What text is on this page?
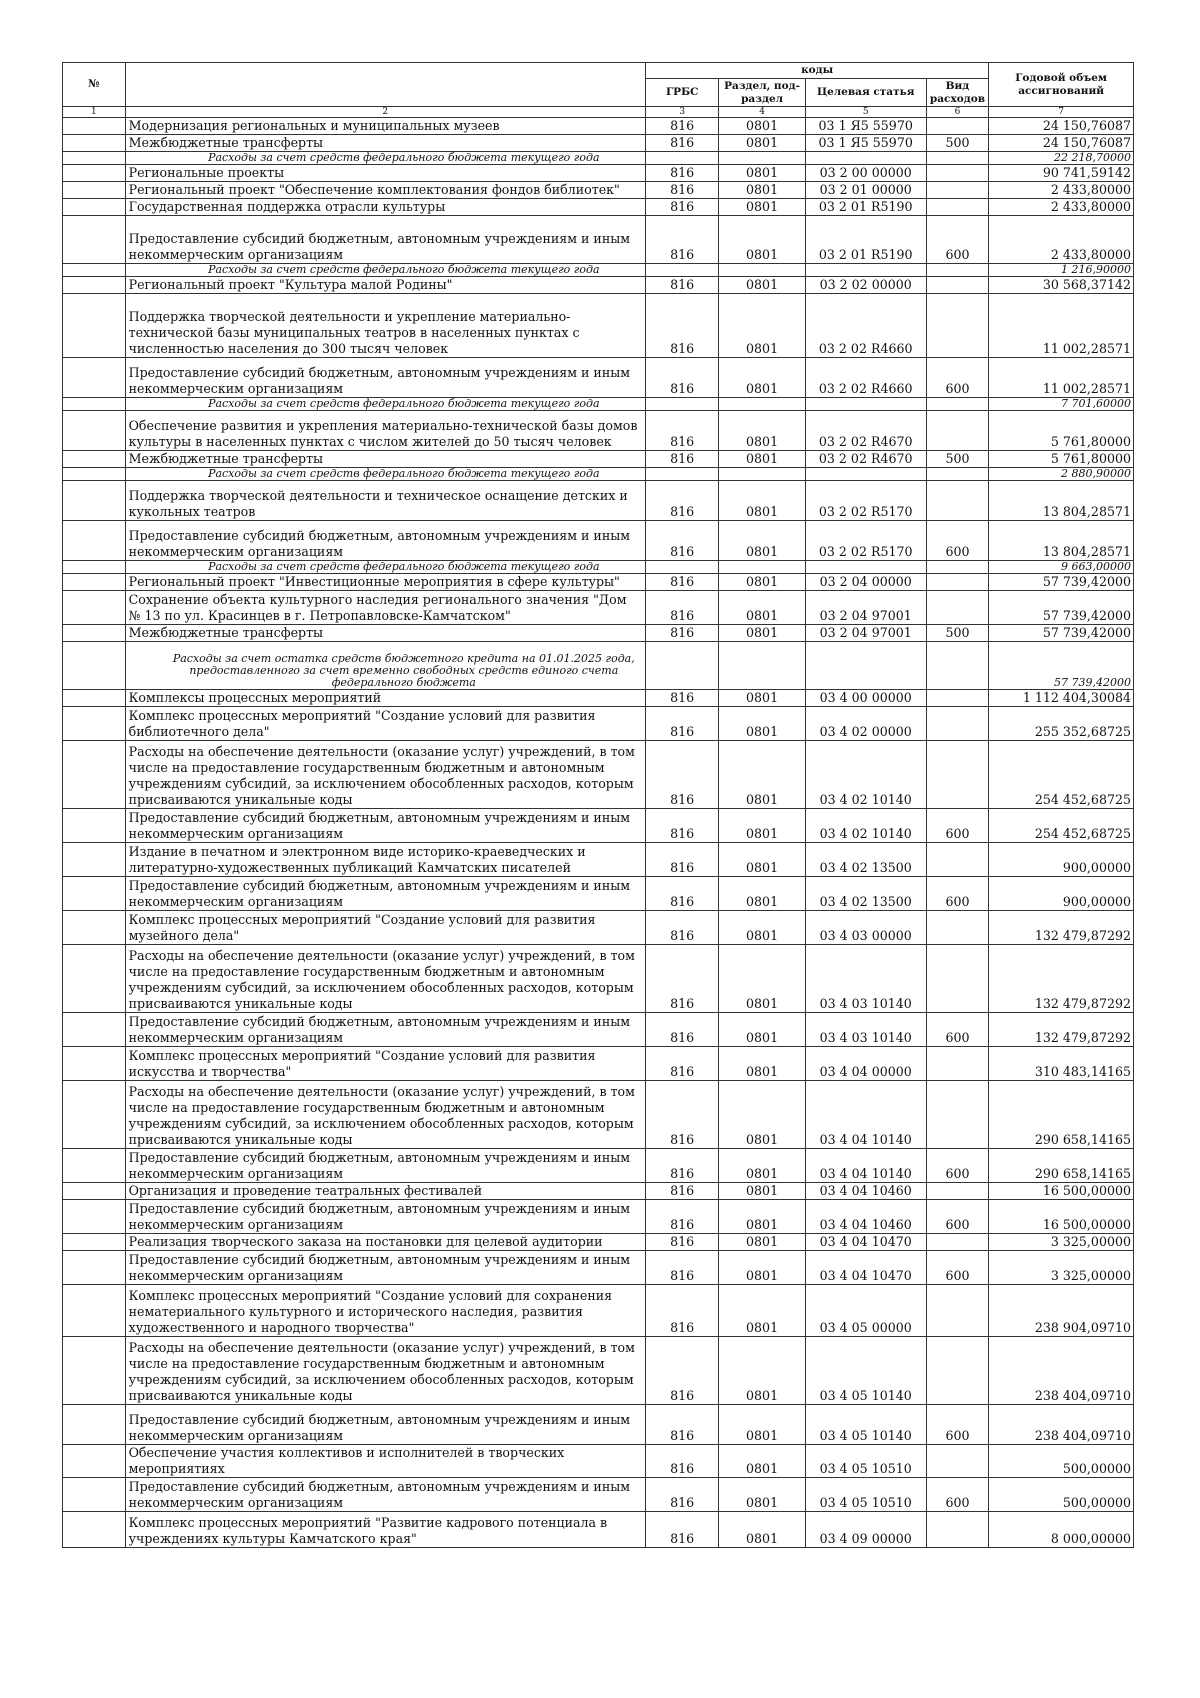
№		коды				Годовой объем ассигнований
		ГРБС	Раздел, под-раздел	Целевая статья	Вид расходов	
1	2	3	4	5	6	7
	Модернизация региональных и муниципальных музеев	816	0801	03 1 Я5 55970		24 150,76087
	Межбюджетные трансферты	816	0801	03 1 Я5 55970	500	24 150,76087
	Расходы за счет средств федерального бюджета текущего года					22 218,70000
	Региональные проекты	816	0801	03 2 00 00000		90 741,59142
	Региональный проект "Обеспечение комплектования фондов библиотек"	816	0801	03 2 01 00000		2 433,80000
	Государственная поддержка отрасли культуры	816	0801	03 2 01 R5190		2 433,80000
	Предоставление субсидий бюджетным, автономным учреждениям и иным некоммерческим организациям	816	0801	03 2 01 R5190	600	2 433,80000
	Расходы за счет средств федерального бюджета текущего года					1 216,90000
	Региональный проект "Культура малой Родины"	816	0801	03 2 02 00000		30 568,37142
	Поддержка творческой деятельности и укрепление материально-технической базы муниципальных театров в населенных пунктах с численностью населения до 300 тысяч человек	816	0801	03 2 02 R4660		11 002,28571
	Предоставление субсидий бюджетным, автономным учреждениям и иным некоммерческим организациям	816	0801	03 2 02 R4660	600	11 002,28571
	Расходы за счет средств федерального бюджета текущего года					7 701,60000
	Обеспечение развития и укрепления материально-технической базы домов культуры в населенных пунктах с числом жителей до 50 тысяч человек	816	0801	03 2 02 R4670		5 761,80000
	Межбюджетные трансферты	816	0801	03 2 02 R4670	500	5 761,80000
	Расходы за счет средств федерального бюджета текущего года					2 880,90000
	Поддержка творческой деятельности и техническое оснащение детских и кукольных театров	816	0801	03 2 02 R5170		13 804,28571
	Предоставление субсидий бюджетным, автономным учреждениям и иным некоммерческим организациям	816	0801	03 2 02 R5170	600	13 804,28571
	Расходы за счет средств федерального бюджета текущего года					9 663,00000
	Региональный проект "Инвестиционные мероприятия в сфере культуры"	816	0801	03 2 04 00000		57 739,42000
	Сохранение объекта культурного наследия регионального значения "Дом № 13 по ул. Красинцев в г. Петропавловске-Камчатском"	816	0801	03 2 04 97001		57 739,42000
	Межбюджетные трансферты	816	0801	03 2 04 97001	500	57 739,42000
	Расходы за счет остатка средств бюджетного кредита на 01.01.2025 года, предоставленного за счет временно свободных средств единого счета федерального бюджета					57 739,42000
	Комплексы процессных мероприятий	816	0801	03 4 00 00000		1 112 404,30084
	Комплекс процессных мероприятий "Создание условий для развития библиотечного дела"	816	0801	03 4 02 00000		255 352,68725
	Расходы на обеспечение деятельности (оказание услуг) учреждений, в том числе на предоставление государственным бюджетным и автономным учреждениям субсидий, за исключением обособленных расходов, которым присваиваются уникальные коды	816	0801	03 4 02 10140		254 452,68725
	Предоставление субсидий бюджетным, автономным учреждениям и иным некоммерческим организациям	816	0801	03 4 02 10140	600	254 452,68725
	Издание в печатном и электронном виде историко-краеведческих и литературно-художественных публикаций Камчатских писателей	816	0801	03 4 02 13500		900,00000
	Предоставление субсидий бюджетным, автономным учреждениям и иным некоммерческим организациям	816	0801	03 4 02 13500	600	900,00000
	Комплекс процессных мероприятий "Создание условий для развития музейного дела"	816	0801	03 4 03 00000		132 479,87292
	Расходы на обеспечение деятельности (оказание услуг) учреждений, в том числе на предоставление государственным бюджетным и автономным учреждениям субсидий, за исключением обособленных расходов, которым присваиваются уникальные коды	816	0801	03 4 03 10140		132 479,87292
	Предоставление субсидий бюджетным, автономным учреждениям и иным некоммерческим организациям	816	0801	03 4 03 10140	600	132 479,87292
	Комплекс процессных мероприятий "Создание условий для развития искусства и творчества"	816	0801	03 4 04 00000		310 483,14165
	Расходы на обеспечение деятельности (оказание услуг) учреждений, в том числе на предоставление государственным бюджетным и автономным учреждениям субсидий, за исключением обособленных расходов, которым присваиваются уникальные коды	816	0801	03 4 04 10140		290 658,14165
	Предоставление субсидий бюджетным, автономным учреждениям и иным некоммерческим организациям	816	0801	03 4 04 10140	600	290 658,14165
	Организация и проведение театральных фестивалей	816	0801	03 4 04 10460		16 500,00000
	Предоставление субсидий бюджетным, автономным учреждениям и иным некоммерческим организациям	816	0801	03 4 04 10460	600	16 500,00000
	Реализация творческого заказа на постановки для целевой аудитории	816	0801	03 4 04 10470		3 325,00000
	Предоставление субсидий бюджетным, автономным учреждениям и иным некоммерческим организациям	816	0801	03 4 04 10470	600	3 325,00000
	Комплекс процессных мероприятий "Создание условий для сохранения нематериального культурного и исторического наследия, развития художественного и народного творчества"	816	0801	03 4 05 00000		238 904,09710
	Расходы на обеспечение деятельности (оказание услуг) учреждений, в том числе на предоставление государственным бюджетным и автономным учреждениям субсидий, за исключением обособленных расходов, которым присваиваются уникальные коды	816	0801	03 4 05 10140		238 404,09710
	Предоставление субсидий бюджетным, автономным учреждениям и иным некоммерческим организациям	816	0801	03 4 05 10140	600	238 404,09710
	Обеспечение участия коллективов и исполнителей в творческих мероприятиях	816	0801	03 4 05 10510		500,00000
	Предоставление субсидий бюджетным, автономным учреждениям и иным некоммерческим организациям	816	0801	03 4 05 10510	600	500,00000
	Комплекс процессных мероприятий "Развитие кадрового потенциала в учреждениях культуры Камчатского края"	816	0801	03 4 09 00000		8 000,00000
